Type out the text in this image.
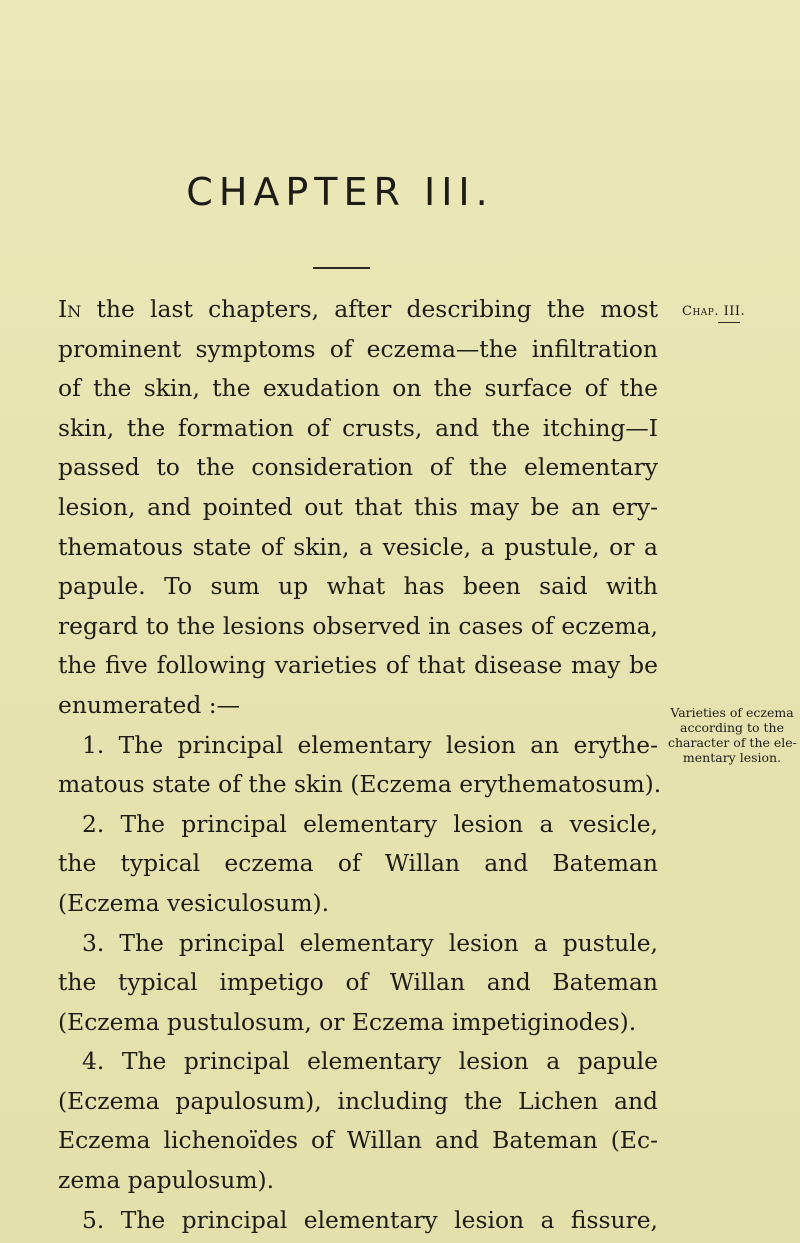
CHAPTER III.
Chap. III.
Varieties of eczema
according to the
character of the ele-
mentary lesion.
In the last chapters, after describing the most
prominent symptoms of eczema—the infiltration
of the skin, the exudation on the surface of the
skin, the formation of crusts, and the itching—I
passed to the consideration of the elementary
lesion, and pointed out that this may be an ery-
thematous state of skin, a vesicle, a pustule, or a
papule. To sum up what has been said with
regard to the lesions observed in cases of eczema,
the five following varieties of that disease may be
enumerated :—
1. The principal elementary lesion an erythe-
matous state of the skin (Eczema erythematosum).
2. The principal elementary lesion a vesicle,
the typical eczema of Willan and Bateman
(Eczema vesiculosum).
3. The principal elementary lesion a pustule,
the typical impetigo of Willan and Bateman
(Eczema pustulosum, or Eczema impetiginodes).
4. The principal elementary lesion a papule
(Eczema papulosum), including the Lichen and
Eczema lichenoïdes of Willan and Bateman (Ec-
zema papulosum).
5. The principal elementary lesion a fissure,
